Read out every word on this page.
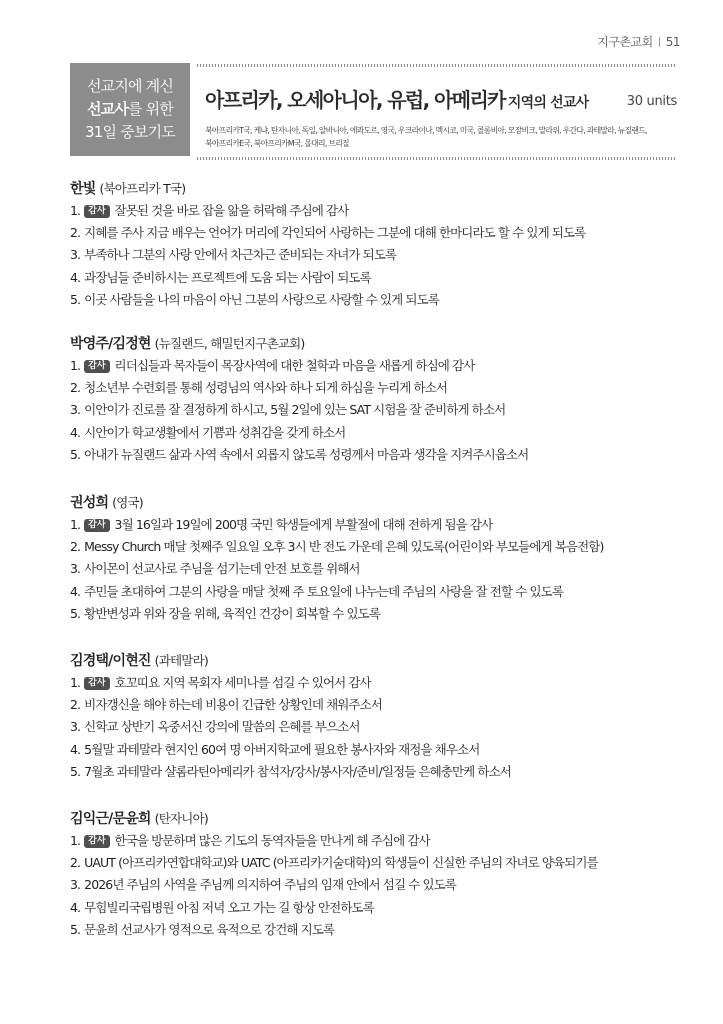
지구촌교회 51
선교지에 계신
선교사를 위한
31일 중보기도
아프리카, 오세아니아, 유럽, 아메리카 지역의 선교사	30 units
북아프리카T국, 케냐, 탄자니아, 독일, 알바니아, 에콰도르, 영국, 우크라이나, 멕시코, 미국, 콜롬비아, 모잠비크, 말라위, 우간다, 과테말라, 뉴질랜드,
북아프리카E국, 북아프리카M국, 몰대리, 브리질
한빛 (북아프리카 T국)
1. 감사 잘못된 것을 바로 잡을 앎을 허락해 주심에 감사
2. 지혜를 주사 지금 배우는 언어가 머리에 각인되어 사랑하는 그분에 대해 한마디라도 할 수 있게 되도록
3. 부족하나 그분의 사랑 안에서 차근차근 준비되는 자녀가 되도록
4. 과장님들 준비하시는 프로젝트에 도움 되는 사람이 되도록
5. 이곳 사람들을 나의 마음이 아닌 그분의 사랑으로 사랑할 수 있게 되도록
박영주/김정현 (뉴질랜드, 해밀턴지구촌교회)
1. 감사 리더십들과 목자들이 목장사역에 대한 철학과 마음을 새롭게 하심에 감사
2. 청소년부 수련회를 통해 성령님의 역사와 하나 되게 하심을 누리게 하소서
3. 이안이가 진로를 잘 결정하게 하시고, 5월 2일에 있는 SAT 시험을 잘 준비하게 하소서
4. 시안이가 학교생활에서 기쁨과 성취감을 갖게 하소서
5. 아내가 뉴질랜드 삶과 사역 속에서 외롭지 않도록 성령께서 마음과 생각을 지켜주시옵소서
권성희 (영국)
1. 감사 3월 16일과 19일에 200명 국민 학생들에게 부활절에 대해 전하게 됨을 감사
2. Messy Church 매달 첫째주 일요일 오후 3시 반 전도 가운데 은혜 있도록(어린이와 부모들에게 복음전함)
3. 사이몬이 선교사로 주님을 섬기는데 안전 보호를 위해서
4. 주민들 초대하여 그분의 사랑을 매달 첫째 주 토요일에 나누는데 주님의 사랑을 잘 전할 수 있도록
5. 황반변성과 위와 장을 위해, 육적인 건강이 회복할 수 있도록
김경택/이현진 (과테말라)
1. 감사 호꼬띠요 지역 목회자 세미나를 섬길 수 있어서 감사
2. 비자갱신을 해야 하는데 비용이 긴급한 상황인데 채워주소서
3. 신학교 상반기 옥중서신 강의에 말씀의 은혜를 부으소서
4. 5월말 과테말라 현지인 60여 명 아버지학교에 필요한 봉사자와 재정을 채우소서
5. 7월초 과테말라 샬롬라틴아메리카 참석자/강사/봉사자/준비/일정들 은혜충만케 하소서
김익근/문윤희 (탄자니아)
1. 감사 한국을 방문하며 많은 기도의 동역자들을 만나게 해 주심에 감사
2. UAUT (아프리카연합대학교)와 UATC (아프리카기술대학)의 학생들이 신실한 주님의 자녀로 양육되기를
3. 2026년 주님의 사역을 주님께 의지하여 주님의 임재 안에서 섬길 수 있도록
4. 무힘빌리국립병원 아침 저녁 오고 가는 길 항상 안전하도록
5. 문윤희 선교사가 영적으로 육적으로 강건해 지도록
